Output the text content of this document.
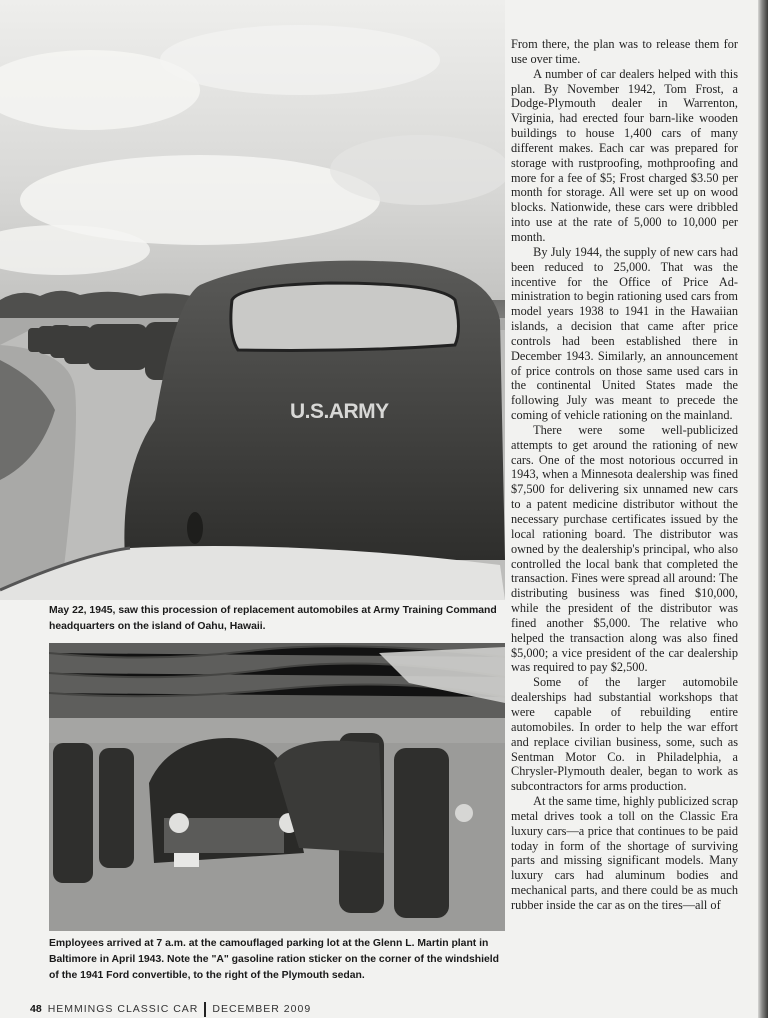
U.S.ARMY

May 22, 1945, saw this procession of replacement automobiles at Army Training Command headquarters on the island of Oahu, Hawaii.

Employees arrived at 7 a.m. at the camouflaged parking lot at the Glenn L. Martin plant in Baltimore in April 1943. Note the "A" gasoline ration sticker on the corner of the windshield of the 1941 Ford convertible, to the right of the Plymouth sedan.

From there, the plan was to release them for use over time.

A number of car dealers helped with this plan. By November 1942, Tom Frost, a Dodge-Plymouth dealer in Warrenton, Virginia, had erected four barn-like wooden buildings to house 1,400 cars of many different makes. Each car was prepared for storage with rustproofing, mothproofing and more for a fee of $5; Frost charged $3.50 per month for storage. All were set up on wood blocks. Nationwide, these cars were dribbled into use at the rate of 5,000 to 10,000 per month.

By July 1944, the supply of new cars had been reduced to 25,000. That was the incentive for the Office of Price Administration to begin rationing used cars from model years 1938 to 1941 in the Hawaiian islands, a decision that came after price controls had been established there in December 1943. Similarly, an announcement of price controls on those same used cars in the continental United States made the following July was meant to precede the coming of vehicle rationing on the mainland.

There were some well-publicized attempts to get around the rationing of new cars. One of the most notorious occurred in 1943, when a Minnesota dealership was fined $7,500 for delivering six unnamed new cars to a patent medicine distributor without the necessary purchase certificates issued by the local rationing board. The distributor was owned by the dealership's principal, who also controlled the local bank that completed the transaction. Fines were spread all around: The distributing business was fined $10,000, while the president of the distributor was fined another $5,000. The relative who helped the transaction along was also fined $5,000; a vice president of the car dealership was required to pay $2,500.

Some of the larger automobile dealerships had substantial workshops that were capable of rebuilding entire automobiles. In order to help the war effort and replace civilian business, some, such as Sentman Motor Co. in Philadelphia, a Chrysler-Plymouth dealer, began to work as subcontractors for arms production.

At the same time, highly publicized scrap metal drives took a toll on the Classic Era luxury cars—a price that continues to be paid today in form of the shortage of surviving parts and missing significant models. Many luxury cars had aluminum bodies and mechanical parts, and there could be as much rubber inside the car as on the tires—all of

48 HEMMINGS CLASSIC CAR DECEMBER 2009
